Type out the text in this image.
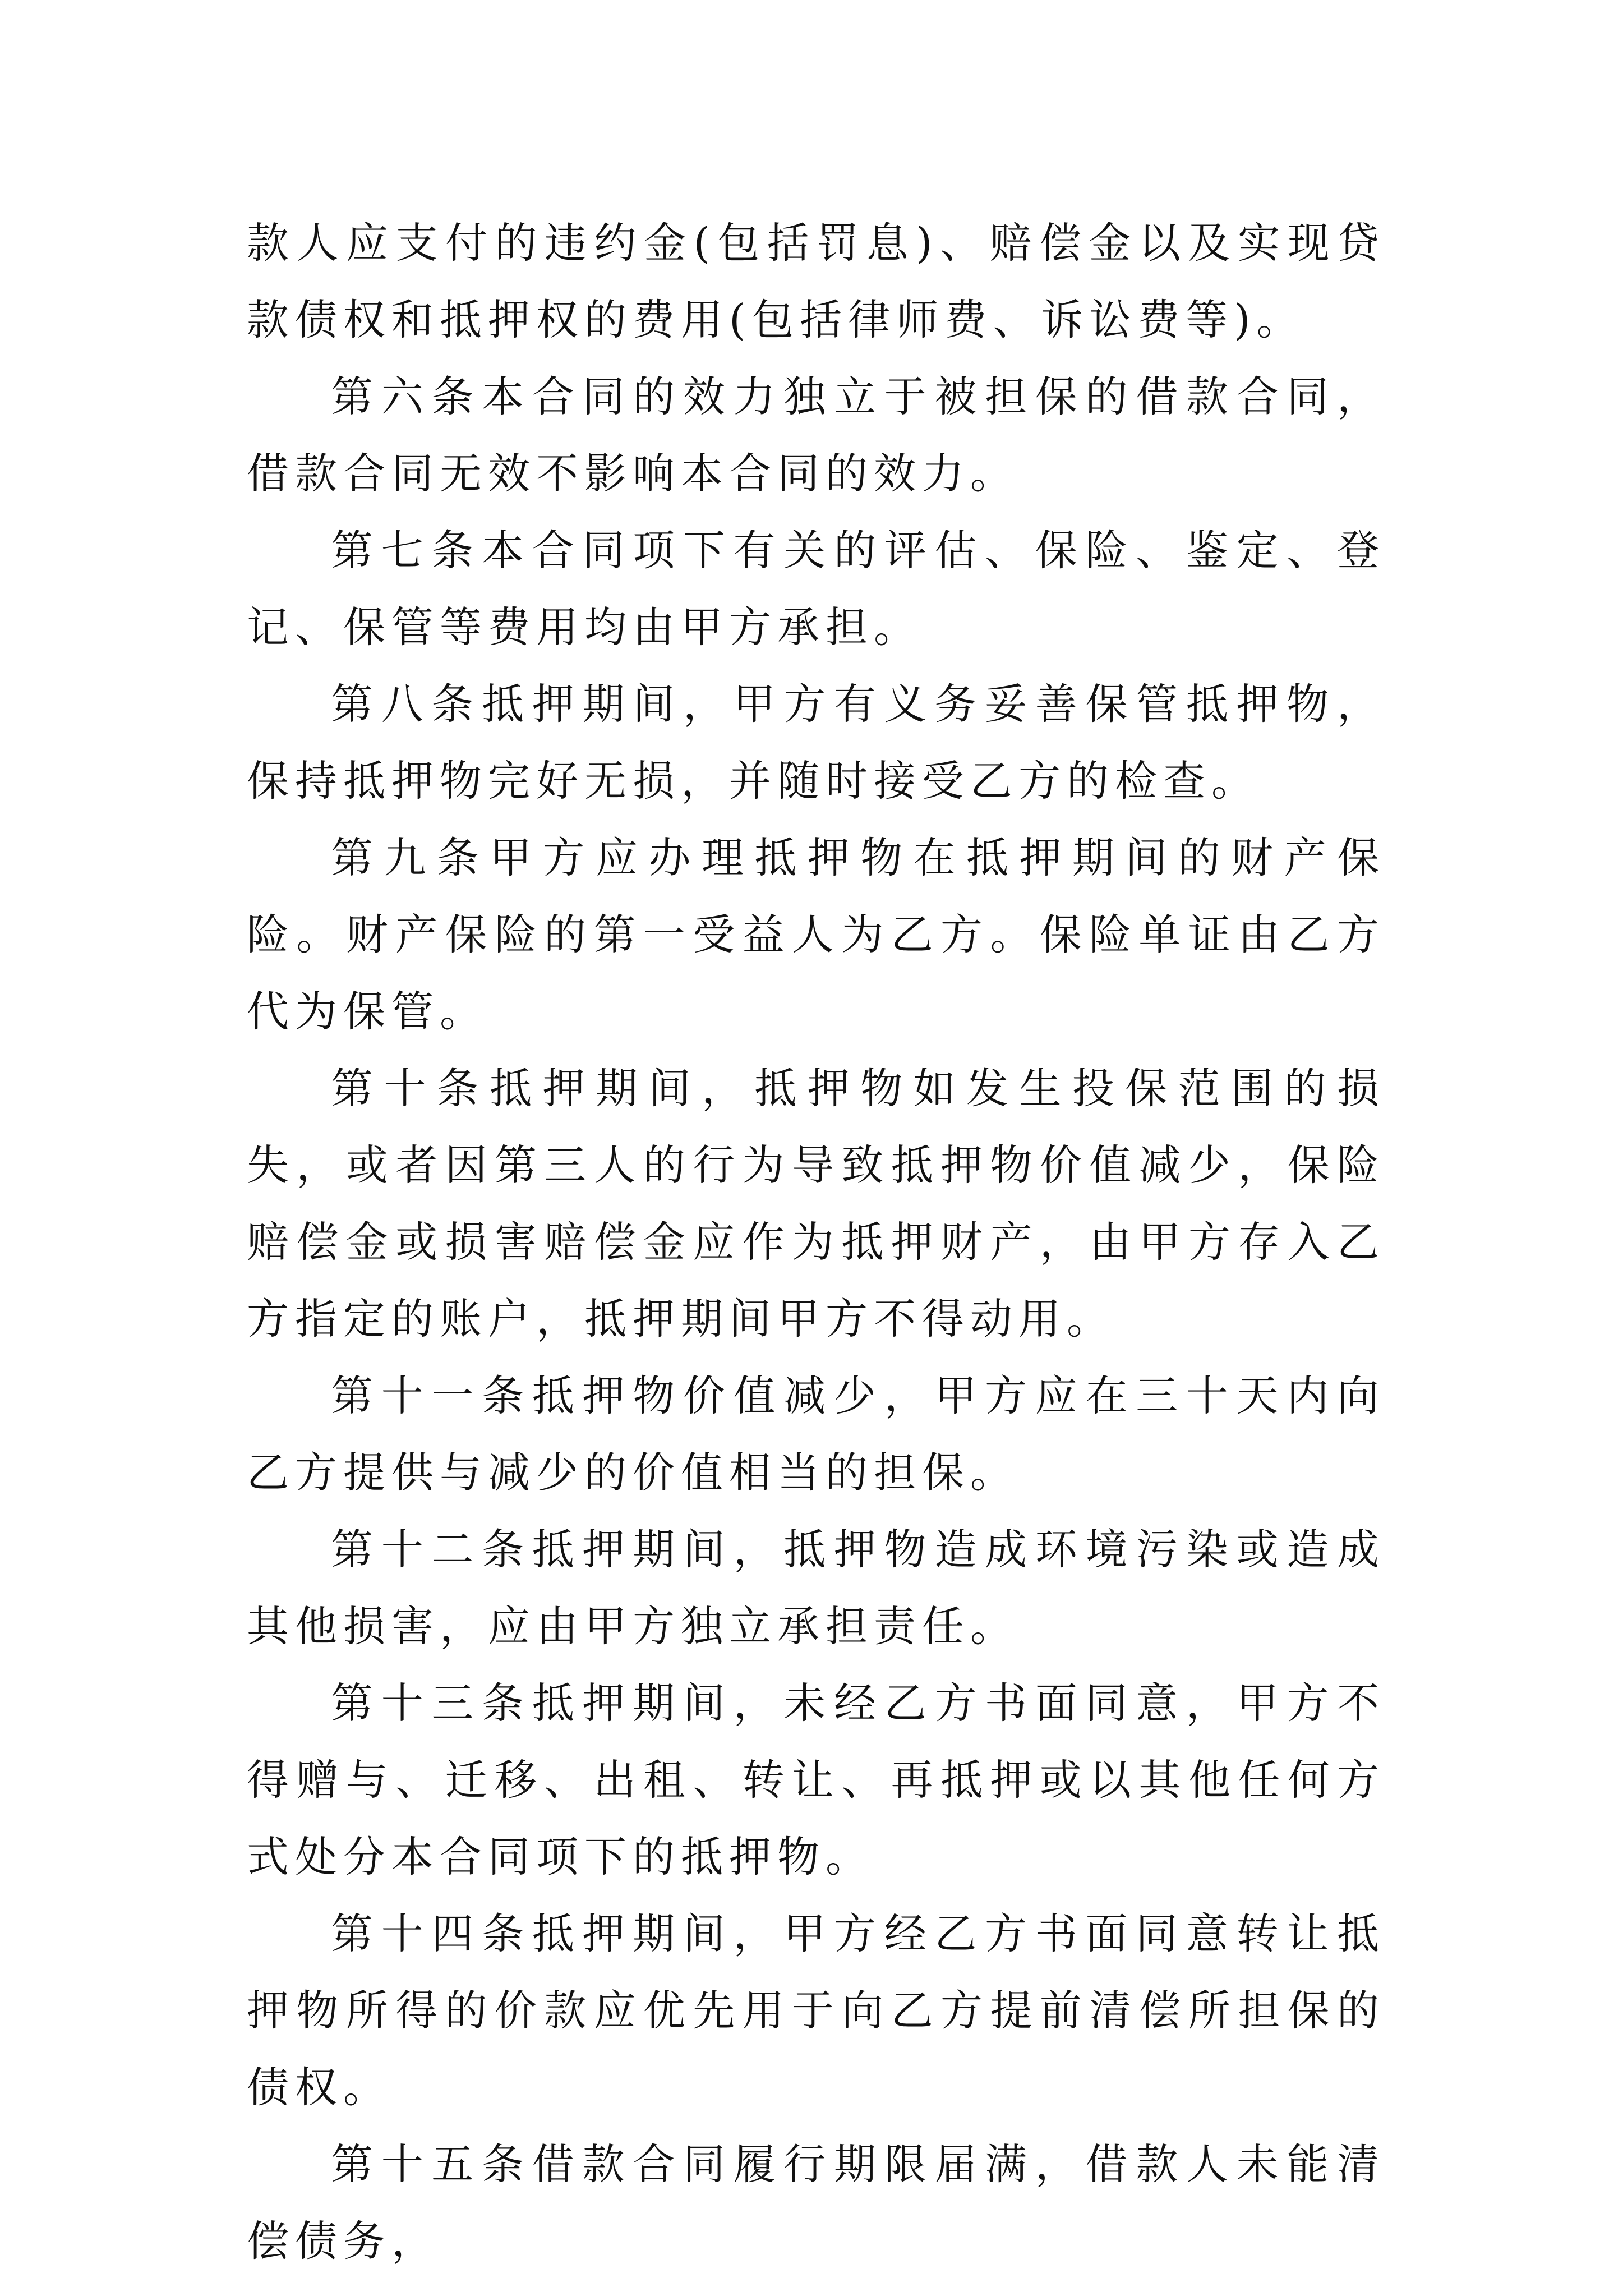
款人应支付的违约金(包括罚息)、赔偿金以及实现贷款债权和抵押权的费用(包括律师费、诉讼费等)。

第六条本合同的效力独立于被担保的借款合同，借款合同无效不影响本合同的效力。

第七条本合同项下有关的评估、保险、鉴定、登记、保管等费用均由甲方承担。

第八条抵押期间，甲方有义务妥善保管抵押物，保持抵押物完好无损，并随时接受乙方的检查。

第九条甲方应办理抵押物在抵押期间的财产保险。财产保险的第一受益人为乙方。保险单证由乙方代为保管。

第十条抵押期间，抵押物如发生投保范围的损失，或者因第三人的行为导致抵押物价值减少，保险赔偿金或损害赔偿金应作为抵押财产，由甲方存入乙方指定的账户，抵押期间甲方不得动用。

第十一条抵押物价值减少，甲方应在三十天内向乙方提供与减少的价值相当的担保。

第十二条抵押期间，抵押物造成环境污染或造成其他损害，应由甲方独立承担责任。

第十三条抵押期间，未经乙方书面同意，甲方不得赠与、迁移、出租、转让、再抵押或以其他任何方式处分本合同项下的抵押物。

第十四条抵押期间，甲方经乙方书面同意转让抵押物所得的价款应优先用于向乙方提前清偿所担保的债权。

第十五条借款合同履行期限届满，借款人未能清偿债务，
